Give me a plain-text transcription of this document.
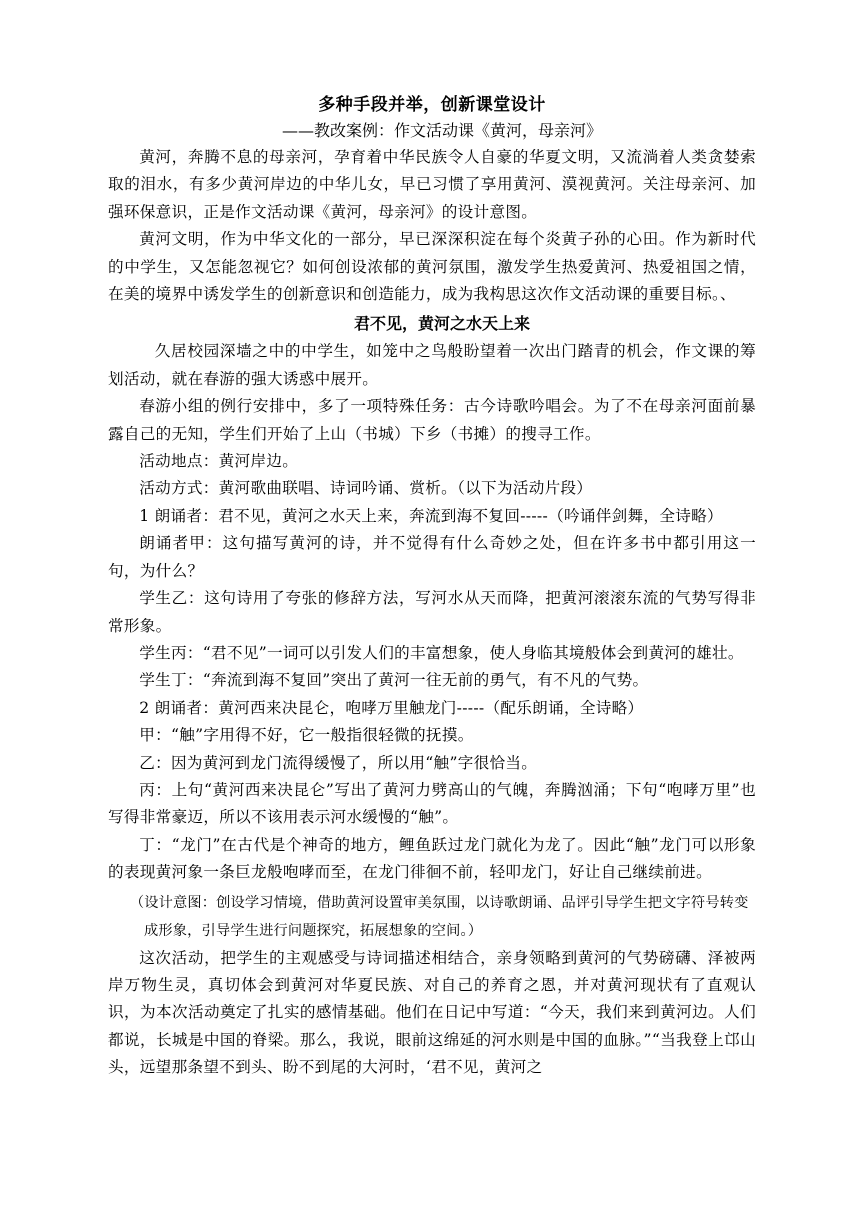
多种手段并举，创新课堂设计
——教改案例：作文活动课《黄河，母亲河》

黄河，奔腾不息的母亲河，孕育着中华民族令人自豪的华夏文明，又流淌着人类贪婪索取的泪水，有多少黄河岸边的中华儿女，早已习惯了享用黄河、漠视黄河。关注母亲河、加强环保意识，正是作文活动课《黄河，母亲河》的设计意图。

黄河文明，作为中华文化的一部分，早已深深积淀在每个炎黄子孙的心田。作为新时代的中学生，又怎能忽视它？如何创设浓郁的黄河氛围，激发学生热爱黄河、热爱祖国之情，在美的境界中诱发学生的创新意识和创造能力，成为我构思这次作文活动课的重要目标。、

君不见，黄河之水天上来

久居校园深墙之中的中学生，如笼中之鸟般盼望着一次出门踏青的机会，作文课的筹划活动，就在春游的强大诱惑中展开。

春游小组的例行安排中，多了一项特殊任务：古今诗歌吟唱会。为了不在母亲河面前暴露自己的无知，学生们开始了上山（书城）下乡（书摊）的搜寻工作。

活动地点：黄河岸边。

活动方式：黄河歌曲联唱、诗词吟诵、赏析。（以下为活动片段）

1 朗诵者：君不见，黄河之水天上来，奔流到海不复回-----（吟诵伴剑舞，全诗略）

朗诵者甲：这句描写黄河的诗，并不觉得有什么奇妙之处，但在许多书中都引用这一句，为什么？

学生乙：这句诗用了夸张的修辞方法，写河水从天而降，把黄河滚滚东流的气势写得非常形象。

学生丙：“君不见”一词可以引发人们的丰富想象，使人身临其境般体会到黄河的雄壮。

学生丁：“奔流到海不复回”突出了黄河一往无前的勇气，有不凡的气势。

2 朗诵者：黄河西来决昆仑，咆哮万里触龙门-----（配乐朗诵，全诗略）

甲：“触”字用得不好，它一般指很轻微的抚摸。

乙：因为黄河到龙门流得缓慢了，所以用“触”字很恰当。

丙：上句“黄河西来决昆仑”写出了黄河力劈高山的气魄，奔腾汹涌；下句“咆哮万里”也写得非常豪迈，所以不该用表示河水缓慢的“触”。

丁：“龙门”在古代是个神奇的地方，鲤鱼跃过龙门就化为龙了。因此“触”龙门可以形象的表现黄河象一条巨龙般咆哮而至，在龙门徘徊不前，轻叩龙门，好让自己继续前进。

（设计意图：创设学习情境，借助黄河设置审美氛围，以诗歌朗诵、品评引导学生把文字符号转变成形象，引导学生进行问题探究，拓展想象的空间。）

这次活动，把学生的主观感受与诗词描述相结合，亲身领略到黄河的气势磅礴、泽被两岸万物生灵，真切体会到黄河对华夏民族、对自己的养育之恩，并对黄河现状有了直观认识，为本次活动奠定了扎实的感情基础。他们在日记中写道：“今天，我们来到黄河边。人们都说，长城是中国的脊梁。那么，我说，眼前这绵延的河水则是中国的血脉。”“当我登上邙山头，远望那条望不到头、盼不到尾的大河时，‘君不见，黄河之
